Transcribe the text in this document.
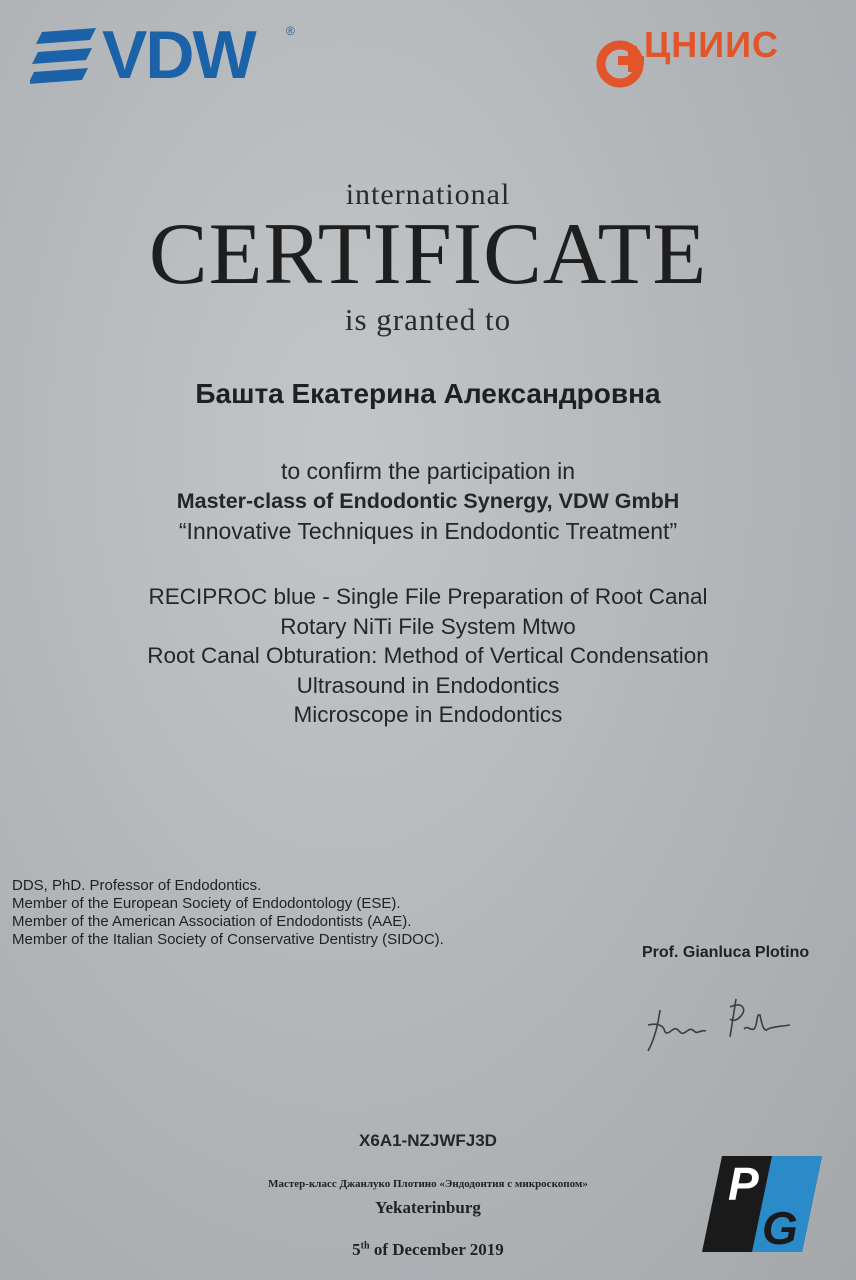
VDW	®	ЦНИИС
international
CERTIFICATE
is granted to
Башта Екатерина Александровна
to confirm the participation in
Master-class of Endodontic Synergy, VDW GmbH
“Innovative Techniques in Endodontic Treatment”
RECIPROC blue - Single File Preparation of Root Canal
Rotary NiTi File System Mtwo
Root Canal Obturation: Method of Vertical Condensation
Ultrasound in Endodontics
Microscope in Endodontics
DDS, PhD. Professor of Endodontics.
Member of the European Society of Endodontology (ESE).
Member of the American Association of Endodontists (AAE).
Member of the Italian Society of Conservative Dentistry (SIDOC).
Prof. Gianluca Plotino
X6A1-NZJWFJ3D
Мастер-класс Джанлуко Плотино «Эндодонтия с микроскопом»
Yekaterinburg
5th of December 2019
P
G
